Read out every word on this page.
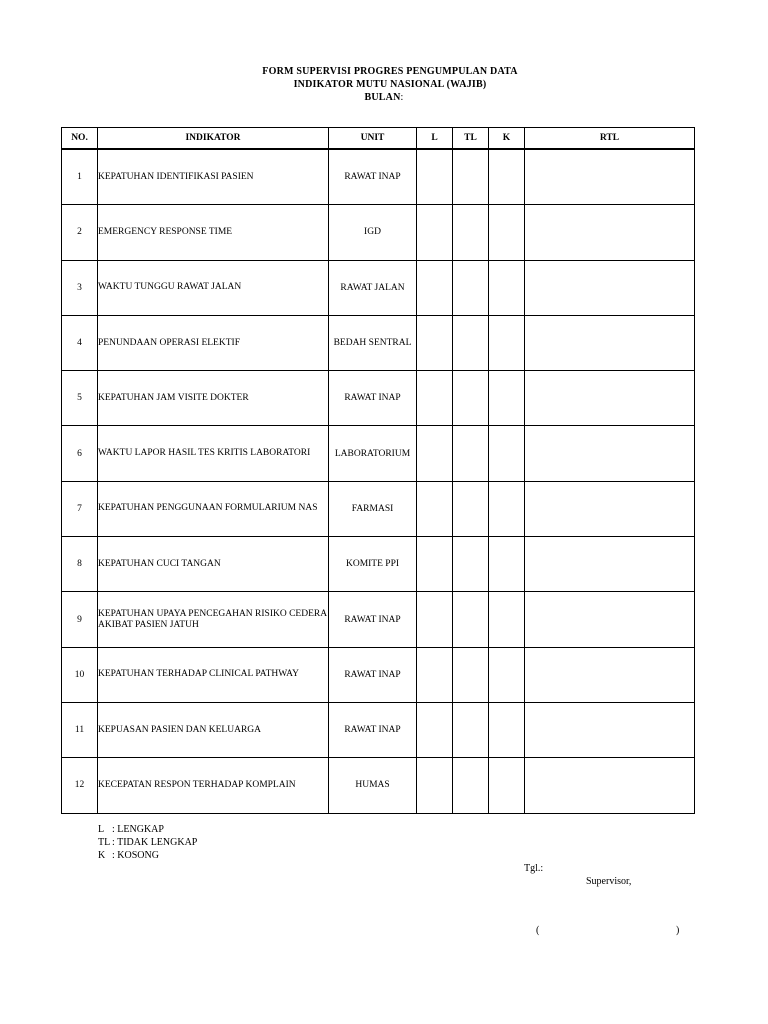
FORM SUPERVISI PROGRES PENGUMPULAN DATA
INDIKATOR MUTU NASIONAL (WAJIB)
BULAN:
NO.	INDIKATOR	UNIT	L	TL	K	RTL
1	KEPATUHAN IDENTIFIKASI PASIEN	RAWAT INAP				
2	EMERGENCY RESPONSE TIME	IGD				
3	WAKTU TUNGGU RAWAT JALAN	RAWAT JALAN				
4	PENUNDAAN OPERASI ELEKTIF	BEDAH SENTRAL				
5	KEPATUHAN JAM VISITE DOKTER	RAWAT INAP				
6	WAKTU LAPOR HASIL TES KRITIS LABORATORI	LABORATORIUM				
7	KEPATUHAN PENGGUNAAN FORMULARIUM NAS	FARMASI				
8	KEPATUHAN CUCI TANGAN	KOMITE PPI				
9	KEPATUHAN UPAYA PENCEGAHAN RISIKO CEDERA AKIBAT PASIEN JATUH	RAWAT INAP				
10	KEPATUHAN TERHADAP CLINICAL PATHWAY	RAWAT INAP				
11	KEPUASAN PASIEN DAN KELUARGA	RAWAT INAP				
12	KECEPATAN RESPON TERHADAP KOMPLAIN	HUMAS				
L : LENGKAP
TL : TIDAK LENGKAP
K : KOSONG
Tgl.:
Supervisor,
(	)
